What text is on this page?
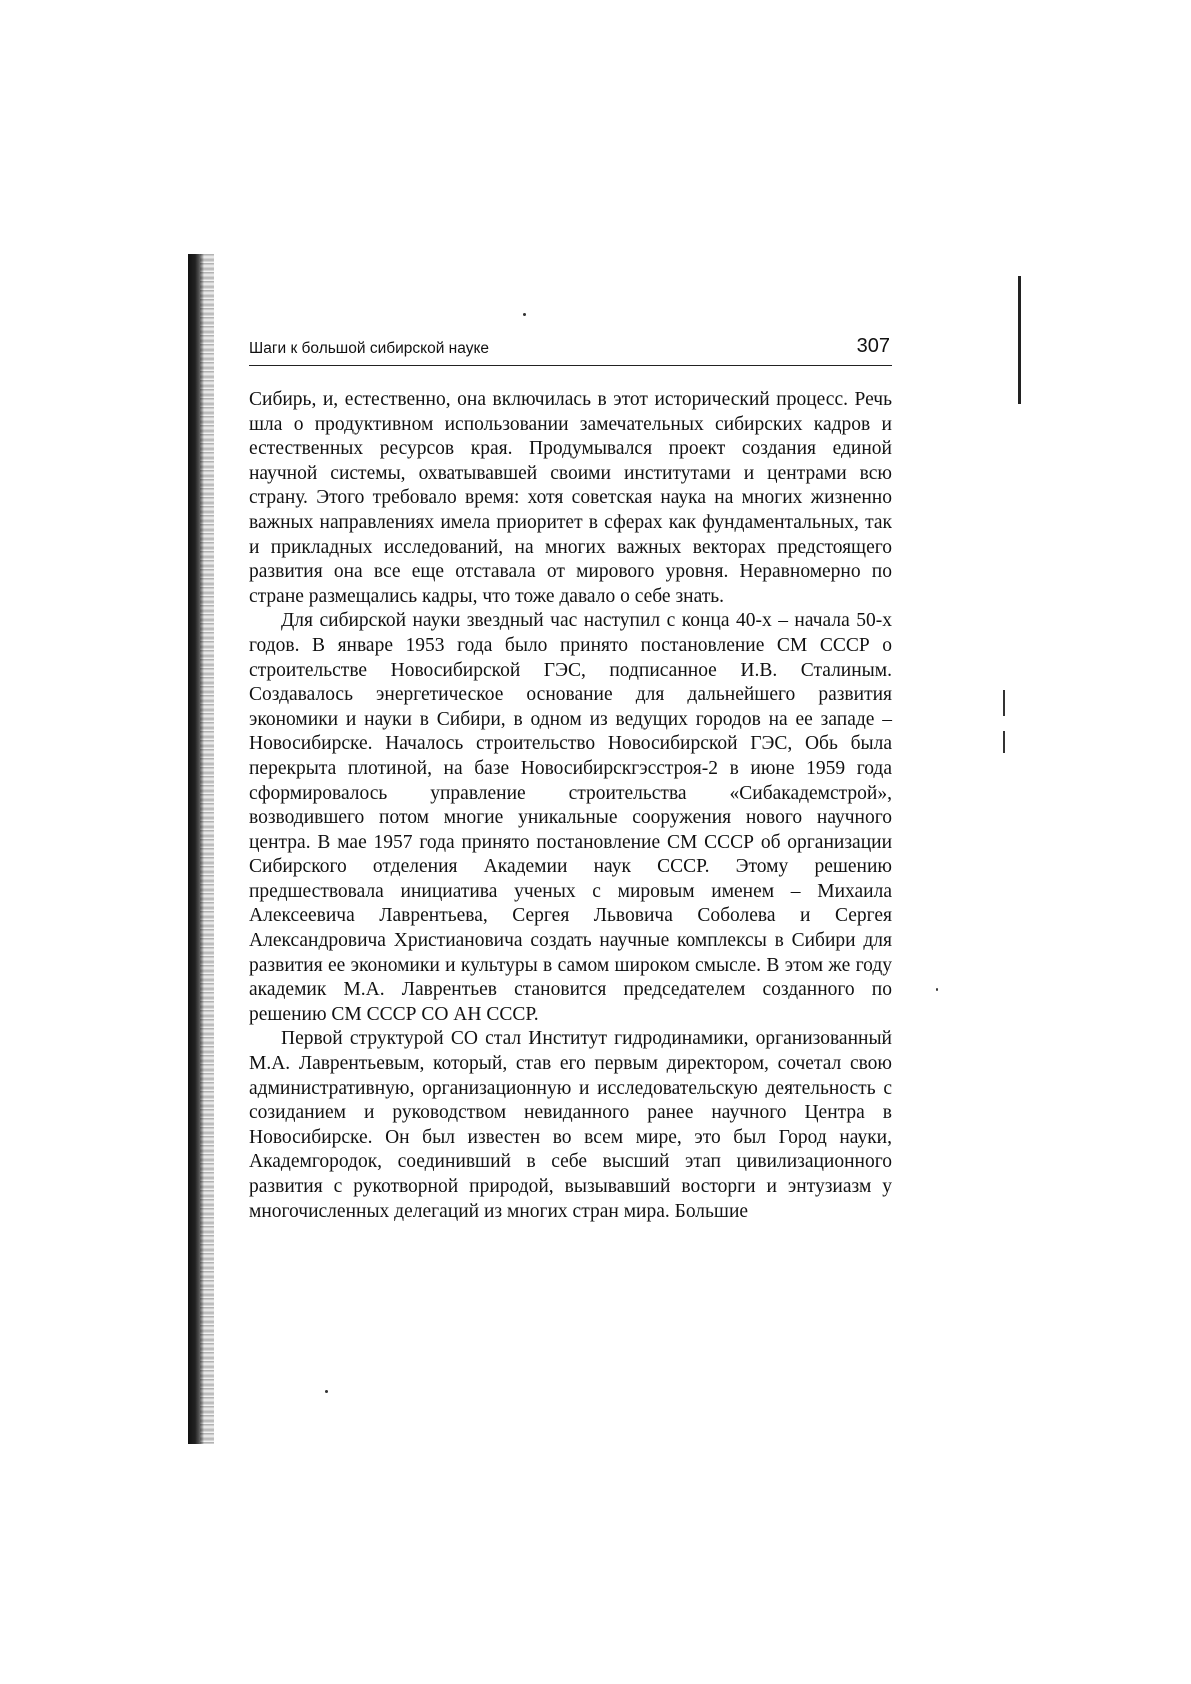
Шаги к большой сибирской науке	307

Сибирь, и, естественно, она включилась в этот исторический процесс. Речь шла о продуктивном использовании замечательных сибирских кадров и естественных ресурсов края. Продумывался проект создания единой научной системы, охватывавшей своими институтами и центрами всю страну. Этого требовало время: хотя советская наука на многих жизненно важных направлениях имела приоритет в сферах как фундаментальных, так и прикладных исследований, на многих важных векторах предстоящего развития она все еще отставала от мирового уровня. Неравномерно по стране размещались кадры, что тоже давало о себе знать.

Для сибирской науки звездный час наступил с конца 40-х – начала 50-х годов. В январе 1953 года было принято постановление СМ СССР о строительстве Новосибирской ГЭС, подписанное И.В. Сталиным. Создавалось энергетическое основание для дальнейшего развития экономики и науки в Сибири, в одном из ведущих городов на ее западе – Новосибирске. Началось строительство Новосибирской ГЭС, Обь была перекрыта плотиной, на базе Новосибирскгэсстроя-2 в июне 1959 года сформировалось управление строительства «Сибакадемстрой», возводившего потом многие уникальные сооружения нового научного центра. В мае 1957 года принято постановление СМ СССР об организации Сибирского отделения Академии наук СССР. Этому решению предшествовала инициатива ученых с мировым именем – Михаила Алексеевича Лаврентьева, Сергея Львовича Соболева и Сергея Александровича Христиановича создать научные комплексы в Сибири для развития ее экономики и культуры в самом широком смысле. В этом же году академик М.А. Лаврентьев становится председателем созданного по решению СМ СССР СО АН СССР.

Первой структурой СО стал Институт гидродинамики, организованный М.А. Лаврентьевым, который, став его первым директором, сочетал свою административную, организационную и исследовательскую деятельность с созиданием и руководством невиданного ранее научного Центра в Новосибирске. Он был известен во всем мире, это был Город науки, Академгородок, соединивший в себе высший этап цивилизационного развития с рукотворной природой, вызывавший восторги и энтузиазм у многочисленных делегаций из многих стран мира. Большие
